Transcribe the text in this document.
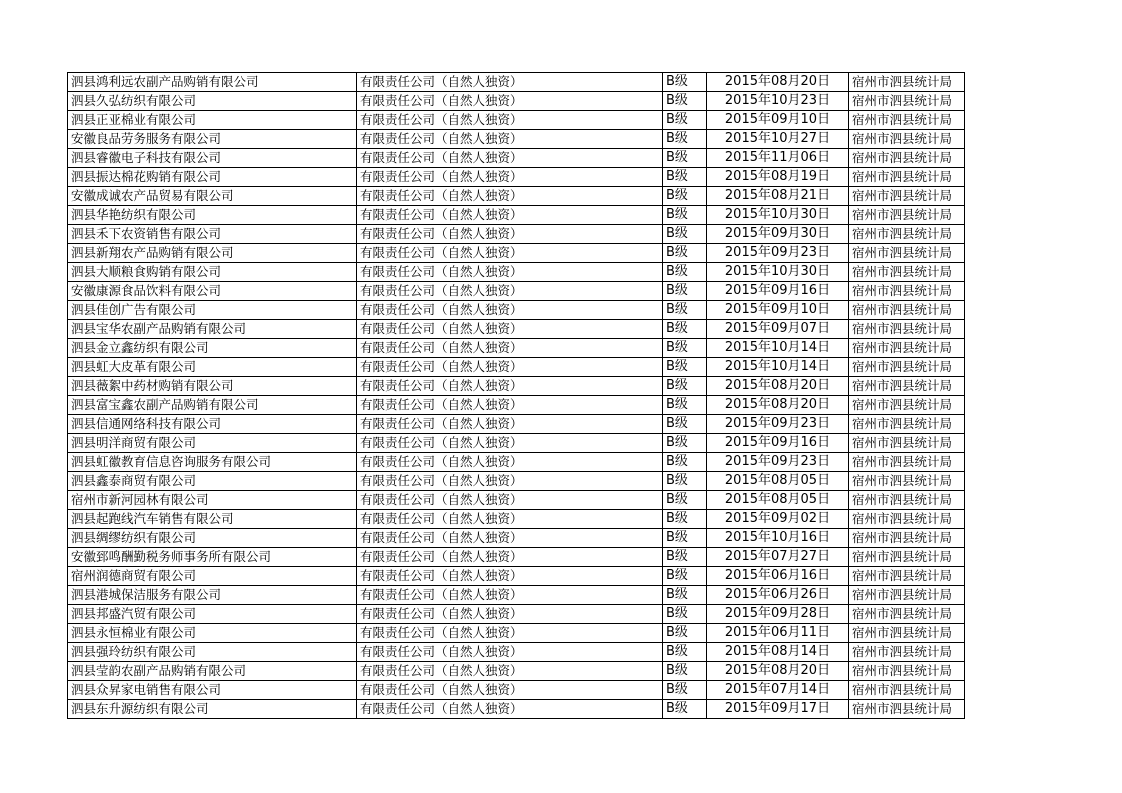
泗县鸿利远农副产品购销有限公司	有限责任公司（自然人独资）	B级	2015年08月20日	宿州市泗县统计局
泗县久弘纺织有限公司	有限责任公司（自然人独资）	B级	2015年10月23日	宿州市泗县统计局
泗县正亚棉业有限公司	有限责任公司（自然人独资）	B级	2015年09月10日	宿州市泗县统计局
安徽良品劳务服务有限公司	有限责任公司（自然人独资）	B级	2015年10月27日	宿州市泗县统计局
泗县睿徽电子科技有限公司	有限责任公司（自然人独资）	B级	2015年11月06日	宿州市泗县统计局
泗县振达棉花购销有限公司	有限责任公司（自然人独资）	B级	2015年08月19日	宿州市泗县统计局
安徽成诚农产品贸易有限公司	有限责任公司（自然人独资）	B级	2015年08月21日	宿州市泗县统计局
泗县华艳纺织有限公司	有限责任公司（自然人独资）	B级	2015年10月30日	宿州市泗县统计局
泗县禾下农资销售有限公司	有限责任公司（自然人独资）	B级	2015年09月30日	宿州市泗县统计局
泗县新翔农产品购销有限公司	有限责任公司（自然人独资）	B级	2015年09月23日	宿州市泗县统计局
泗县大顺粮食购销有限公司	有限责任公司（自然人独资）	B级	2015年10月30日	宿州市泗县统计局
安徽康源食品饮料有限公司	有限责任公司（自然人独资）	B级	2015年09月16日	宿州市泗县统计局
泗县佳创广告有限公司	有限责任公司（自然人独资）	B级	2015年09月10日	宿州市泗县统计局
泗县宝华农副产品购销有限公司	有限责任公司（自然人独资）	B级	2015年09月07日	宿州市泗县统计局
泗县金立鑫纺织有限公司	有限责任公司（自然人独资）	B级	2015年10月14日	宿州市泗县统计局
泗县虹大皮革有限公司	有限责任公司（自然人独资）	B级	2015年10月14日	宿州市泗县统计局
泗县薇絮中药材购销有限公司	有限责任公司（自然人独资）	B级	2015年08月20日	宿州市泗县统计局
泗县富宝鑫农副产品购销有限公司	有限责任公司（自然人独资）	B级	2015年08月20日	宿州市泗县统计局
泗县信通网络科技有限公司	有限责任公司（自然人独资）	B级	2015年09月23日	宿州市泗县统计局
泗县明洋商贸有限公司	有限责任公司（自然人独资）	B级	2015年09月16日	宿州市泗县统计局
泗县虹徽教育信息咨询服务有限公司	有限责任公司（自然人独资）	B级	2015年09月23日	宿州市泗县统计局
泗县鑫泰商贸有限公司	有限责任公司（自然人独资）	B级	2015年08月05日	宿州市泗县统计局
宿州市新河园林有限公司	有限责任公司（自然人独资）	B级	2015年08月05日	宿州市泗县统计局
泗县起跑线汽车销售有限公司	有限责任公司（自然人独资）	B级	2015年09月02日	宿州市泗县统计局
泗县绸缪纺织有限公司	有限责任公司（自然人独资）	B级	2015年10月16日	宿州市泗县统计局
安徽郅鸣酬勤税务师事务所有限公司	有限责任公司（自然人独资）	B级	2015年07月27日	宿州市泗县统计局
宿州润德商贸有限公司	有限责任公司（自然人独资）	B级	2015年06月16日	宿州市泗县统计局
泗县港城保洁服务有限公司	有限责任公司（自然人独资）	B级	2015年06月26日	宿州市泗县统计局
泗县邦盛汽贸有限公司	有限责任公司（自然人独资）	B级	2015年09月28日	宿州市泗县统计局
泗县永恒棉业有限公司	有限责任公司（自然人独资）	B级	2015年06月11日	宿州市泗县统计局
泗县强玲纺织有限公司	有限责任公司（自然人独资）	B级	2015年08月14日	宿州市泗县统计局
泗县莹韵农副产品购销有限公司	有限责任公司（自然人独资）	B级	2015年08月20日	宿州市泗县统计局
泗县众昇家电销售有限公司	有限责任公司（自然人独资）	B级	2015年07月14日	宿州市泗县统计局
泗县东升源纺织有限公司	有限责任公司（自然人独资）	B级	2015年09月17日	宿州市泗县统计局
